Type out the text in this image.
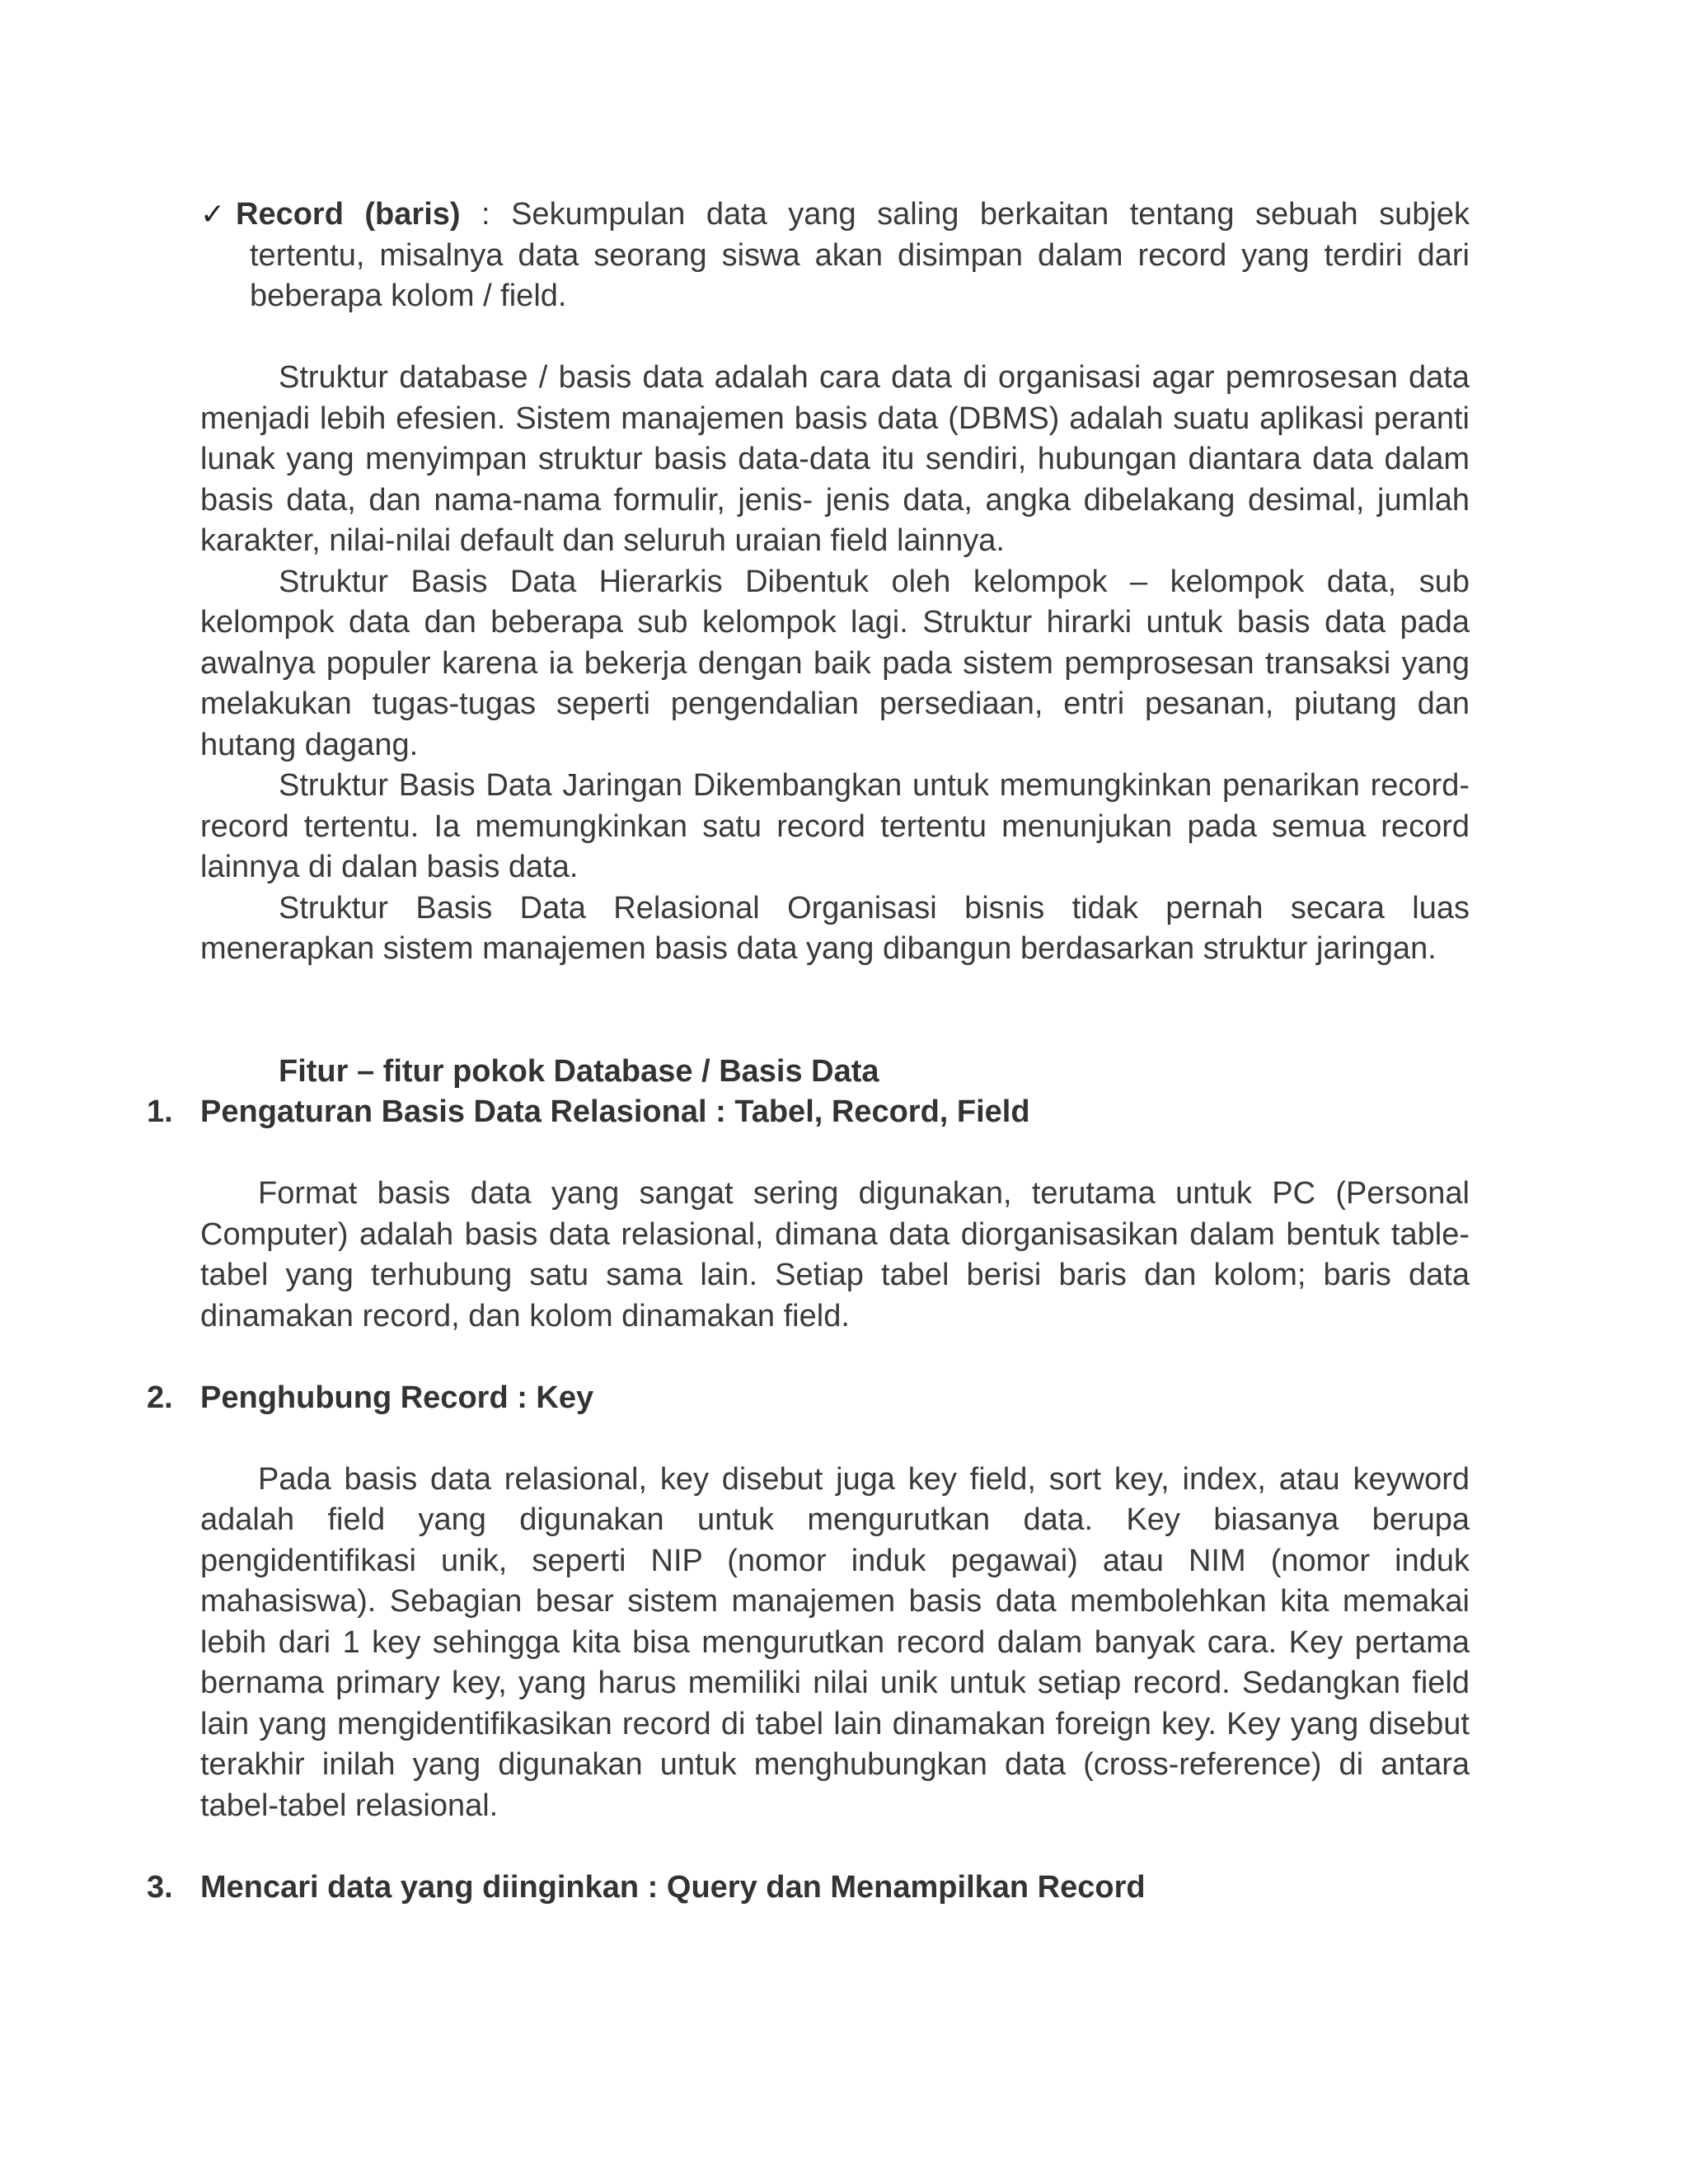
✓ Record (baris) : Sekumpulan data yang saling berkaitan tentang sebuah subjek tertentu, misalnya data seorang siswa akan disimpan dalam record yang terdiri dari beberapa kolom / field.

Struktur database / basis data adalah cara data di organisasi agar pemrosesan data menjadi lebih efesien. Sistem manajemen basis data (DBMS) adalah suatu aplikasi peranti lunak yang menyimpan struktur basis data-data itu sendiri, hubungan diantara data dalam basis data, dan nama-nama formulir, jenis- jenis data, angka dibelakang desimal, jumlah karakter, nilai-nilai default dan seluruh uraian field lainnya.

Struktur Basis Data Hierarkis Dibentuk oleh kelompok – kelompok data, sub kelompok data dan beberapa sub kelompok lagi. Struktur hirarki untuk basis data pada awalnya populer karena ia bekerja dengan baik pada sistem pemprosesan transaksi yang melakukan tugas-tugas seperti pengendalian persediaan, entri pesanan, piutang dan hutang dagang.

Struktur Basis Data Jaringan Dikembangkan untuk memungkinkan penarikan record-record tertentu. Ia memungkinkan satu record tertentu menunjukan pada semua record lainnya di dalan basis data.

Struktur Basis Data Relasional Organisasi bisnis tidak pernah secara luas menerapkan sistem manajemen basis data yang dibangun berdasarkan struktur jaringan.

Fitur – fitur pokok Database / Basis Data

1. Pengaturan Basis Data Relasional : Tabel, Record, Field

Format basis data yang sangat sering digunakan, terutama untuk PC (Personal Computer) adalah basis data relasional, dimana data diorganisasikan dalam bentuk table-tabel yang terhubung satu sama lain. Setiap tabel berisi baris dan kolom; baris data dinamakan record, dan kolom dinamakan field.

2. Penghubung Record : Key

Pada basis data relasional, key disebut juga key field, sort key, index, atau keyword adalah field yang digunakan untuk mengurutkan data. Key biasanya berupa pengidentifikasi unik, seperti NIP (nomor induk pegawai) atau NIM (nomor induk mahasiswa). Sebagian besar sistem manajemen basis data membolehkan kita memakai lebih dari 1 key sehingga kita bisa mengurutkan record dalam banyak cara. Key pertama bernama primary key, yang harus memiliki nilai unik untuk setiap record. Sedangkan field lain yang mengidentifikasikan record di tabel lain dinamakan foreign key. Key yang disebut terakhir inilah yang digunakan untuk menghubungkan data (cross-reference) di antara tabel-tabel relasional.

3. Mencari data yang diinginkan : Query dan Menampilkan Record
